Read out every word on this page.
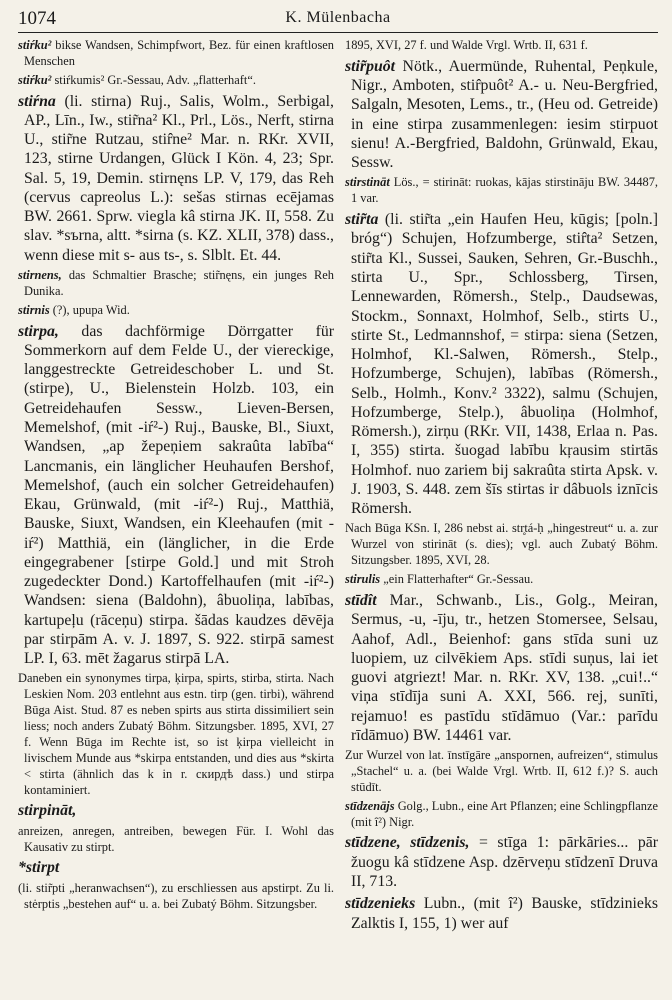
1074	K. Mülenbacha

stiŕku² bikse Wandsen, Schimpfwort, Bez. für einen kraftlosen Menschen

stiŕku² stiŕkumis² Gr.-Sessau, Adv. „flatterhaft“.

stiŕna (li. stirna) Ruj., Salis, Wolm., Serbigal, AP., Līn., Iw., stir̃na² Kl., Prl., Lös., Nerft, stirna U., stir̃ne Rutzau, stir̂ne² Mar. n. RKr. XVII, 123, stirne Urdangen, Glück I Kön. 4, 23; Spr. Sal. 5, 19, Demin. stirnęns LP. V, 179, das Reh (cervus capreolus L.): sešas stirnas ecējamas BW. 2661. Sprw. viegla kâ stirna JK. II, 558. Zu slav. *sъrna, altt. *sirna (s. KZ. XLII, 378) dass., wenn diese mit s- aus ts-, s. Slblt. Et. 44.

stirnens, das Schmaltier Brasche; stir̃nęns, ein junges Reh Dunika.

stirnis (?), upupa Wid.

stirpa, das dachförmige Dörrgatter für Sommerkorn auf dem Felde U., der viereckige, langgestreckte Getreideschober L. und St. (stirpe), U., Bielenstein Holzb. 103, ein Getreidehaufen Sessw., Lieven-Bersen, Memelshof, (mit -iŕ²-) Ruj., Bauske, Bl., Siuxt, Wandsen, „ap žepeņiem sakraûta labība“ Lancmanis, ein länglicher Heuhaufen Bershof, Memelshof, (auch ein solcher Getreidehaufen) Ekau, Grünwald, (mit -iŕ²-) Ruj., Matthiä, Bauske, Siuxt, Wandsen, ein Kleehaufen (mit -iŕ²) Matthiä, ein (länglicher, in die Erde eingegrabener [stirpe Gold.] und mit Stroh zugedeckter Dond.) Kartoffelhaufen (mit -iŕ²-) Wandsen: siena (Baldohn), âbuoliņa, labības, kartupeļu (rāceņu) stirpa. šādas kaudzes dēvēja par stirpām A. v. J. 1897, S. 922. stirpā samest LP. I, 63. mēt žagarus stirpā LA.

Daneben ein synonymes tirpa, ķirpa, spirts, stirba, stirta. Nach Leskien Nom. 203 entlehnt aus estn. tirp (gen. tirbi), während Būga Aist. Stud. 87 es neben spirts aus stirta dissimiliert sein liess; noch anders Zubatý Böhm. Sitzungsber. 1895, XVI, 27 f. Wenn Būga im Rechte ist, so ist ķirpa vielleicht in livischem Munde aus *skirpa entstanden, und dies aus *skirta < stirta (ähnlich das k in r. скирдѣ dass.) und stirpa kontaminiert.

stirpināt,

anreizen, anregen, antreiben, bewegen Für. I. Wohl das Kausativ zu stirpt.

*stirpt

(li. stir̃pti „heranwachsen“), zu erschliessen aus apstirpt. Zu li. stėrptis „bestehen auf“ u. a. bei Zubatý Böhm. Sitzungsber.

1895, XVI, 27 f. und Walde Vrgl. Wrtb. II, 631 f.

stir̃puôt Nötk., Auermünde, Ruhental, Peņkule, Nigr., Amboten, stir̂puôt² A.- u. Neu-Bergfried, Salgaln, Mesoten, Lems., tr., (Heu od. Getreide) in eine stirpa zusammenlegen: iesim stirpuot sienu! A.-Bergfried, Baldohn, Grünwald, Ekau, Sessw.

stirstināt Lös., = stirināt: ruokas, kājas stirstināju BW. 34487, 1 var.

stir̃ta (li. stir̃ta „ein Haufen Heu, kūgis; [poln.] bróg“) Schujen, Hofzumberge, stir̂ta² Setzen, stir̃ta Kl., Sussei, Sauken, Sehren, Gr.-Buschh., stirta U., Spr., Schlossberg, Tirsen, Lennewarden, Römersh., Stelp., Daudsewas, Stockm., Sonnaxt, Holmhof, Selb., stirts U., stirte St., Ledmannshof, = stirpa: siena (Setzen, Holmhof, Kl.-Salwen, Römersh., Stelp., Hofzumberge, Schujen), labības (Römersh., Selb., Holmh., Konv.² 3322), salmu (Schujen, Hofzumberge, Stelp.), âbuoliņa (Holmhof, Römersh.), zirņu (RKr. VII, 1438, Erlaa n. Pas. I, 355) stirta. šuogad labību kŗausim stirtās Holmhof. nuo zariem bij sakraûta stirta Apsk. v. J. 1903, S. 448. zem šīs stirtas ir dâbuols iznīcis Römersh.

Nach Būga KSn. I, 286 nebst ai. str̥tá-ḥ „hingestreut“ u. a. zur Wurzel von stirināt (s. dies); vgl. auch Zubatý Böhm. Sitzungsber. 1895, XVI, 28.

stirulis „ein Flatterhafter“ Gr.-Sessau.

stīdît Mar., Schwanb., Lis., Golg., Meiran, Sermus, -u, -īju, tr., hetzen Stomersee, Selsau, Aahof, Adl., Beienhof: gans stīda suni uz luopiem, uz cilvēkiem Aps. stīdi suņus, lai iet guovi atgriezt! Mar. n. RKr. XV, 138. „cui!..“ viņa stīdīja suni A. XXI, 566. rej, sunīti, rejamuo! es pastīdu stīdāmuo (Var.: parīdu rīdāmuo) BW. 14461 var.

Zur Wurzel von lat. īnstīgāre „anspornen, aufreizen“, stimulus „Stachel“ u. a. (bei Walde Vrgl. Wrtb. II, 612 f.)? S. auch stūdīt.

stīdzenājs Golg., Lubn., eine Art Pflanzen; eine Schlingpflanze (mit î²) Nigr.

stīdzene, stīdzenis, = stīga 1: pārkāries... pār žuogu kâ stīdzene Asp. dzērveņu stīdzenī Druva II, 713.

stīdzenieks Lubn., (mit î²) Bauske, stīdzinieks Zalktis I, 155, 1) wer auf
